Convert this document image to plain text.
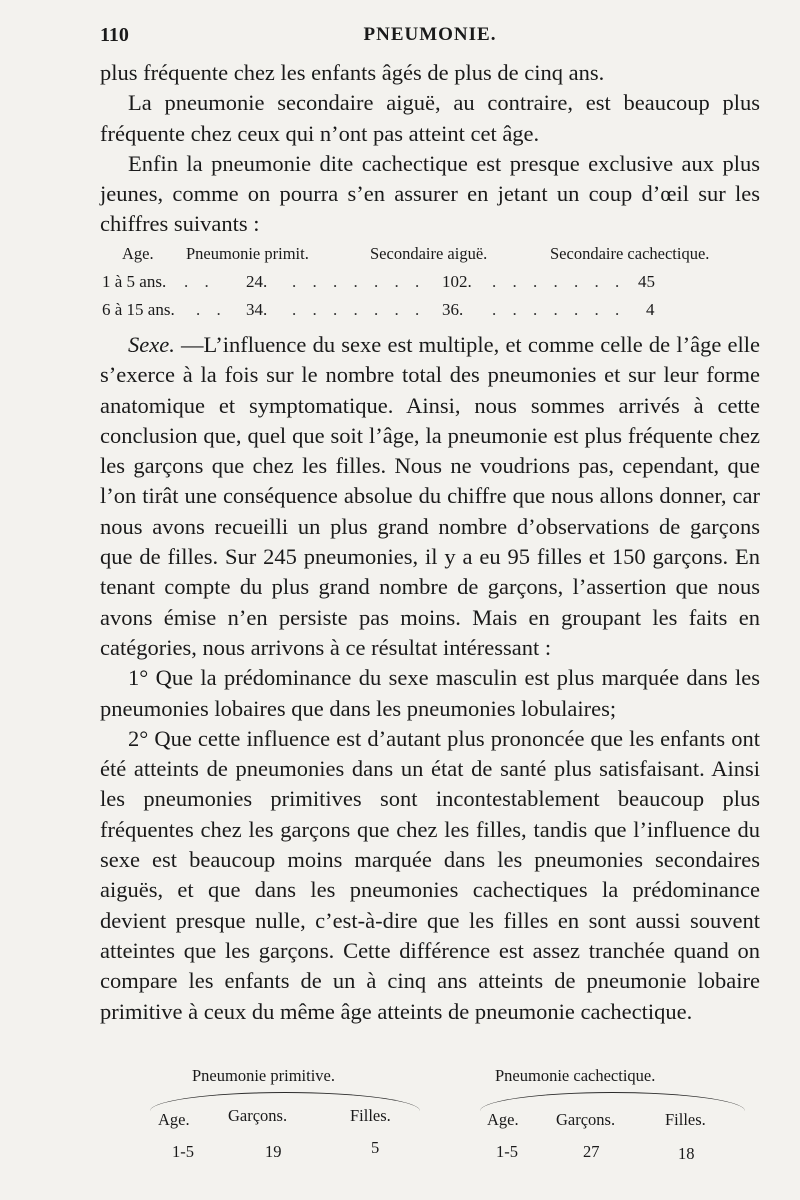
110	PNEUMONIE.

plus fréquente chez les enfants âgés de plus de cinq ans.

La pneumonie secondaire aiguë, au contraire, est beaucoup plus fréquente chez ceux qui n’ont pas atteint cet âge.

Enfin la pneumonie dite cachectique est presque exclusive aux plus jeunes, comme on pourra s’en assurer en jetant un coup d’œil sur les chiffres suivants :

Age. Pneumonie primit.	Secondaire aiguë.	Secondaire cachectique.
1 à 5 ans. . . 24. . . . . . . . 102. . . . . . . . 45
6 à 15 ans. . . 34. . . . . . . . 36. . . . . . . . 4

Sexe. —L’influence du sexe est multiple, et comme celle de l’âge elle s’exerce à la fois sur le nombre total des pneumonies et sur leur forme anatomique et symptomatique. Ainsi, nous sommes arrivés à cette conclusion que, quel que soit l’âge, la pneumonie est plus fréquente chez les garçons que chez les filles. Nous ne voudrions pas, cependant, que l’on tirât une conséquence absolue du chiffre que nous allons donner, car nous avons recueilli un plus grand nombre d’observations de garçons que de filles. Sur 245 pneumonies, il y a eu 95 filles et 150 garçons. En tenant compte du plus grand nombre de garçons, l’assertion que nous avons émise n’en persiste pas moins. Mais en groupant les faits en catégories, nous arrivons à ce résultat intéressant :

1° Que la prédominance du sexe masculin est plus marquée dans les pneumonies lobaires que dans les pneumonies lobulaires;

2° Que cette influence est d’autant plus prononcée que les enfants ont été atteints de pneumonies dans un état de santé plus satisfaisant. Ainsi les pneumonies primitives sont incontestablement beaucoup plus fréquentes chez les garçons que chez les filles, tandis que l’influence du sexe est beaucoup moins marquée dans les pneumonies secondaires aiguës, et que dans les pneumonies cachectiques la prédominance devient presque nulle, c’est-à-dire que les filles en sont aussi souvent atteintes que les garçons. Cette différence est assez tranchée quand on compare les enfants de un à cinq ans atteints de pneumonie lobaire primitive à ceux du même âge atteints de pneumonie cachectique.

Pneumonie primitive.	Pneumonie cachectique.
Age. Garçons.	Filles.	Age. Garçons.	Filles.
1-5	19	5	1-5	27	18
